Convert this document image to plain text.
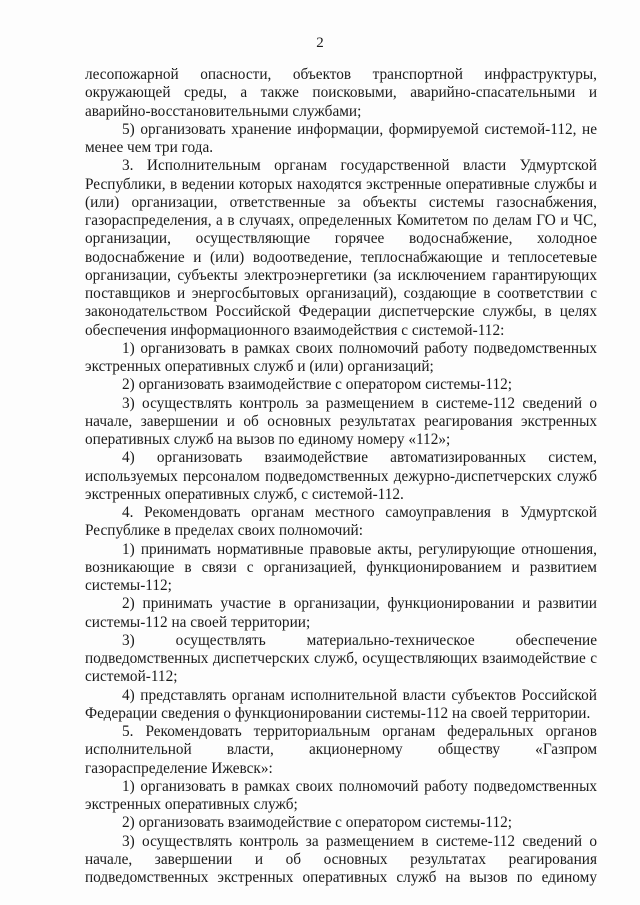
2

лесопожарной опасности, объектов транспортной инфраструктуры, окружающей среды, а также поисковыми, аварийно-спасательными и аварийно-восстановительными службами;

5) организовать хранение информации, формируемой системой-112, не менее чем три года.

3. Исполнительным органам государственной власти Удмуртской Республики, в ведении которых находятся экстренные оперативные службы и (или) организации, ответственные за объекты системы газоснабжения, газораспределения, а в случаях, определенных Комитетом по делам ГО и ЧС, организации, осуществляющие горячее водоснабжение, холодное водоснабжение и (или) водоотведение, теплоснабжающие и теплосетевые организации, субъекты электроэнергетики (за исключением гарантирующих поставщиков и энергосбытовых организаций), создающие в соответствии с законодательством Российской Федерации диспетчерские службы, в целях обеспечения информационного взаимодействия с системой-112:

1) организовать в рамках своих полномочий работу подведомственных экстренных оперативных служб и (или) организаций;

2) организовать взаимодействие с оператором системы-112;

3) осуществлять контроль за размещением в системе-112 сведений о начале, завершении и об основных результатах реагирования экстренных оперативных служб на вызов по единому номеру «112»;

4) организовать взаимодействие автоматизированных систем, используемых персоналом подведомственных дежурно-диспетчерских служб экстренных оперативных служб, с системой-112.

4. Рекомендовать органам местного самоуправления в Удмуртской Республике в пределах своих полномочий:

1) принимать нормативные правовые акты, регулирующие отношения, возникающие в связи с организацией, функционированием и развитием системы-112;

2) принимать участие в организации, функционировании и развитии системы-112 на своей территории;

3) осуществлять материально-техническое обеспечение подведомственных диспетчерских служб, осуществляющих взаимодействие с системой-112;

4) представлять органам исполнительной власти субъектов Российской Федерации сведения о функционировании системы-112 на своей территории.

5. Рекомендовать территориальным органам федеральных органов исполнительной власти, акционерному обществу «Газпром газораспределение Ижевск»:

1) организовать в рамках своих полномочий работу подведомственных экстренных оперативных служб;

2) организовать взаимодействие с оператором системы-112;

3) осуществлять контроль за размещением в системе-112 сведений о начале, завершении и об основных результатах реагирования подведомственных экстренных оперативных служб на вызов по единому
